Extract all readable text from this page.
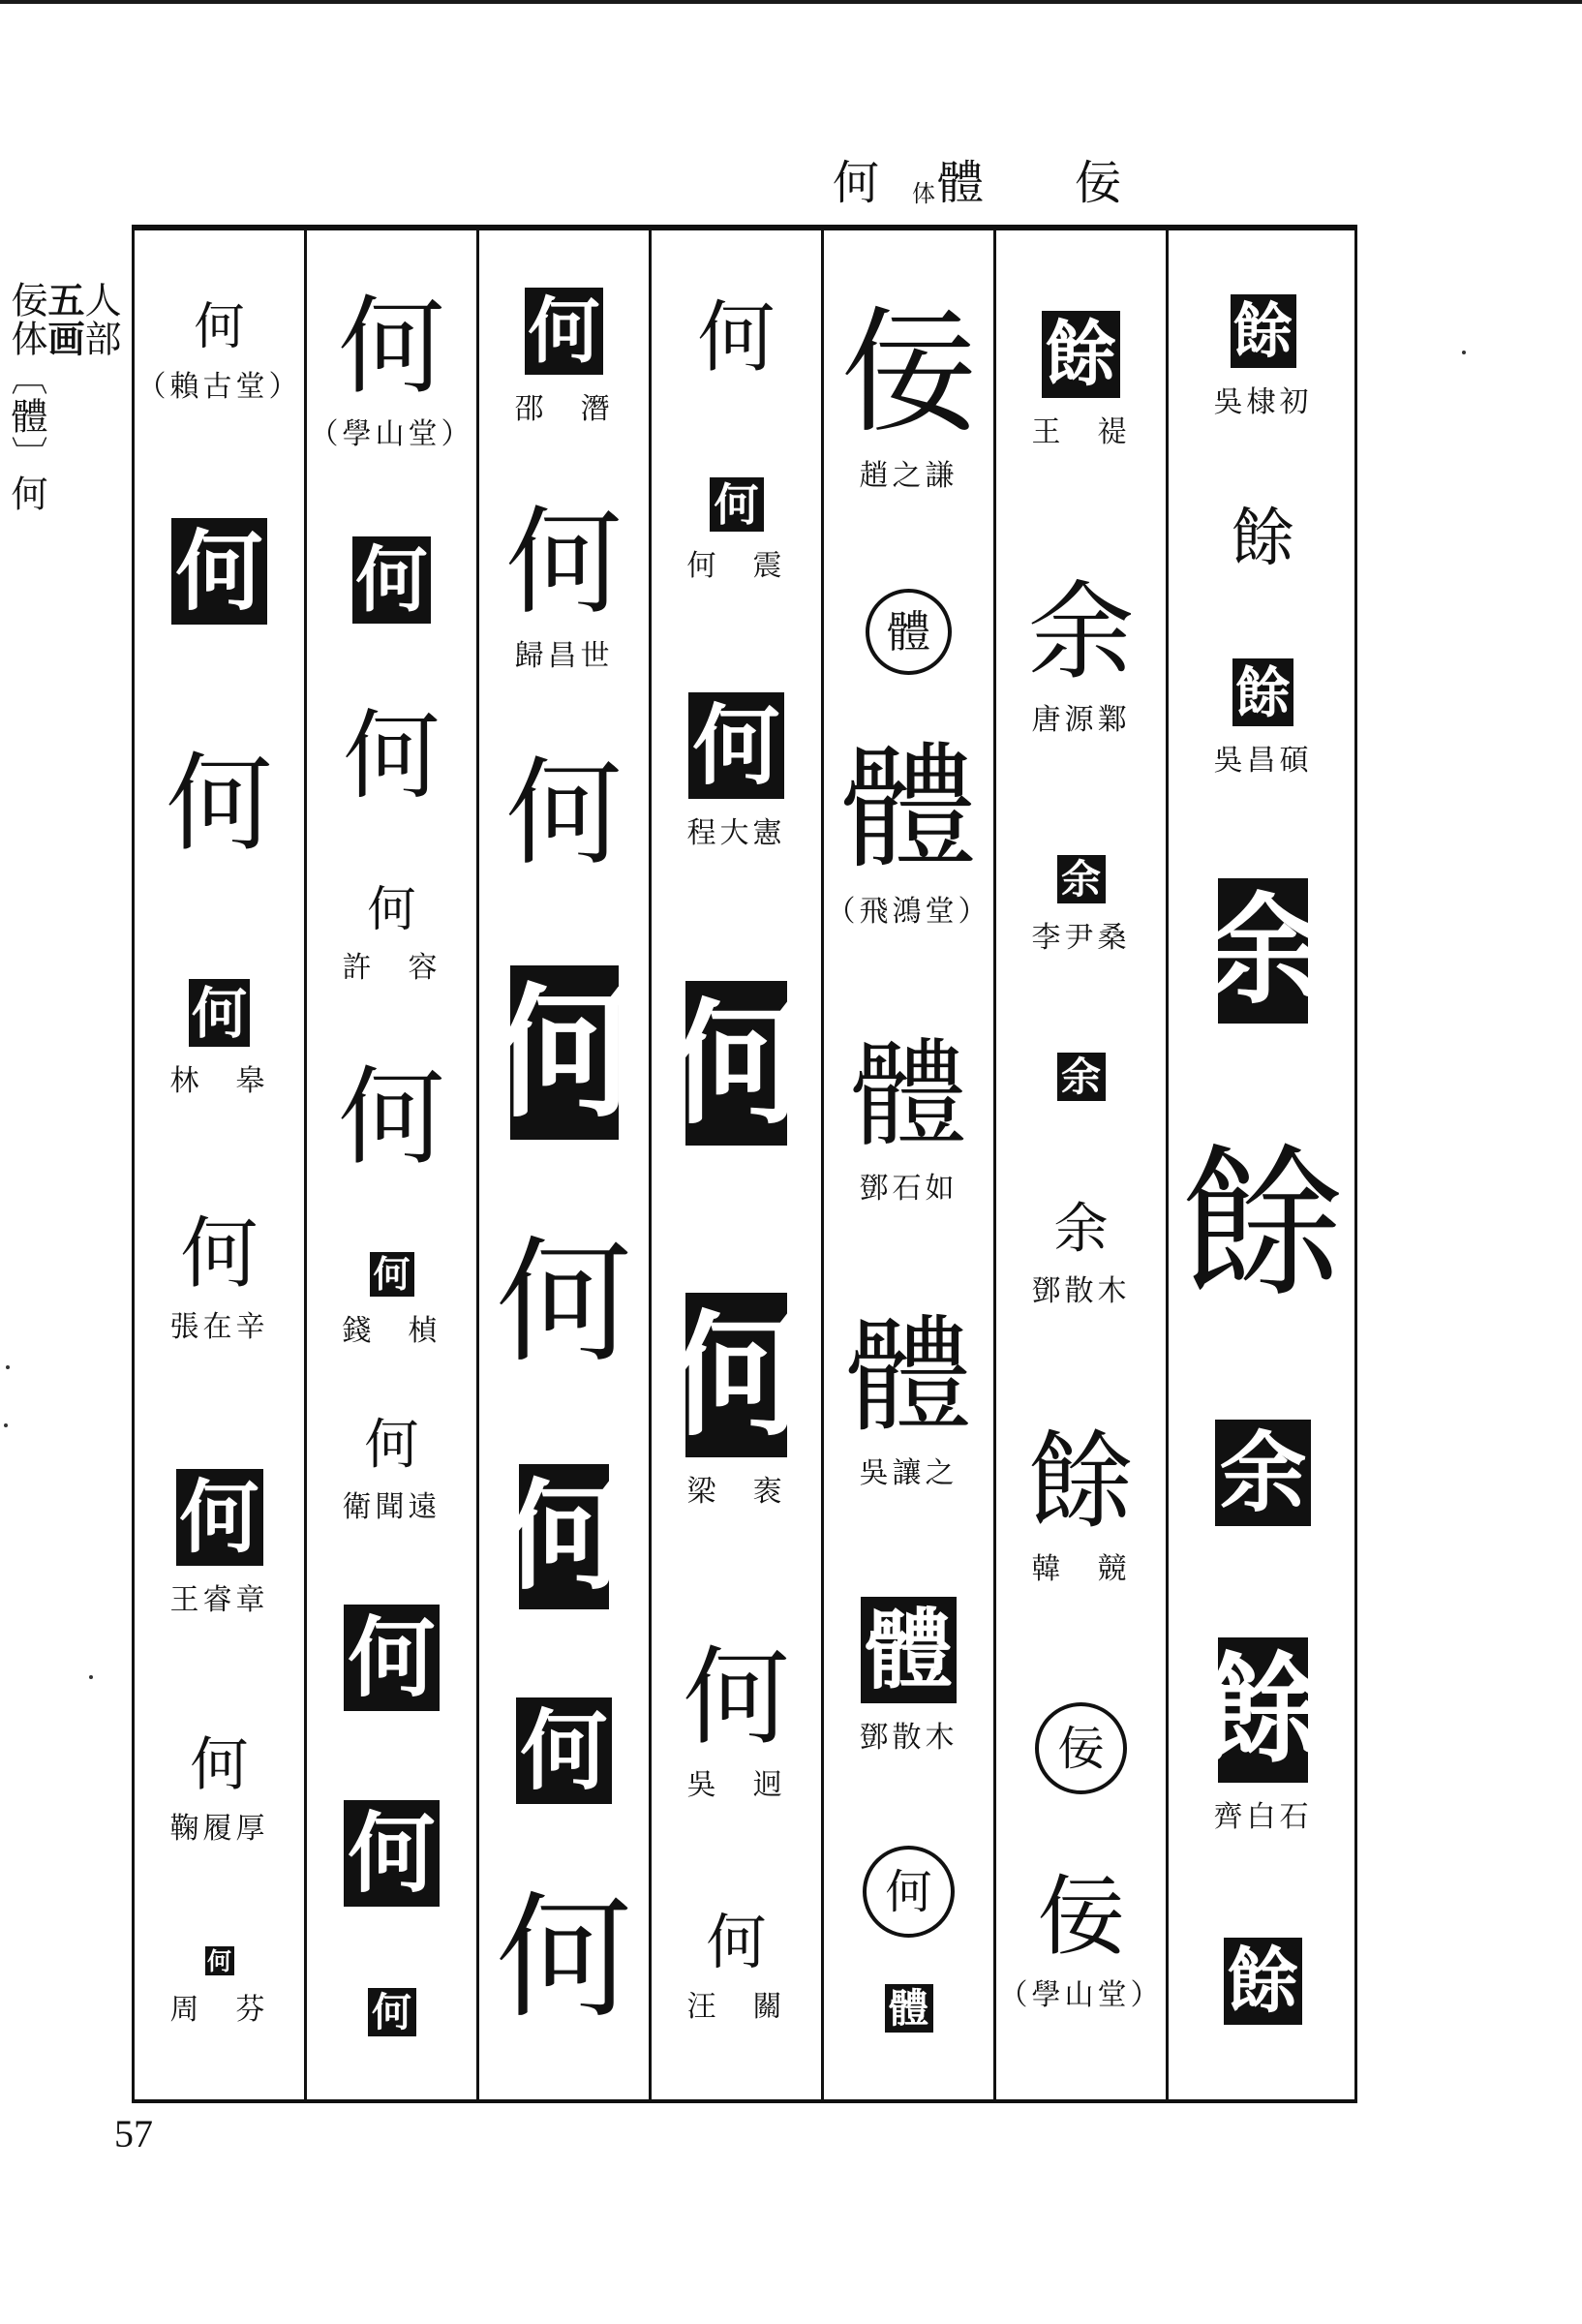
何 体 體 佞
人部
五画
佞体〔體〕何	何
（賴古堂）
何
何
何
林　皋
何
張在辛
何
王睿章
何
鞠履厚
何
周　芬
何
（學山堂）
何
何
何
許　容
何
何
錢　楨
何
衛聞遠
何
何
何
何
邵　潛
何
歸昌世
何
何
何
何
何
何
何
何
何　震
何
程大憲
何
何
梁　袠
何
吳　迥
何
汪　關
佞
趙之謙
體
體
（飛鴻堂）
體
鄧石如
體
吳讓之
體
鄧散木
何
體
餘
王　禔
余
唐源鄴
余
李尹桑
余
余
鄧散木
餘
韓　競
佞
佞
（學山堂）
餘
吳棣初
餘
餘
吳昌碩
余
餘
余
餘
齊白石
餘
57
